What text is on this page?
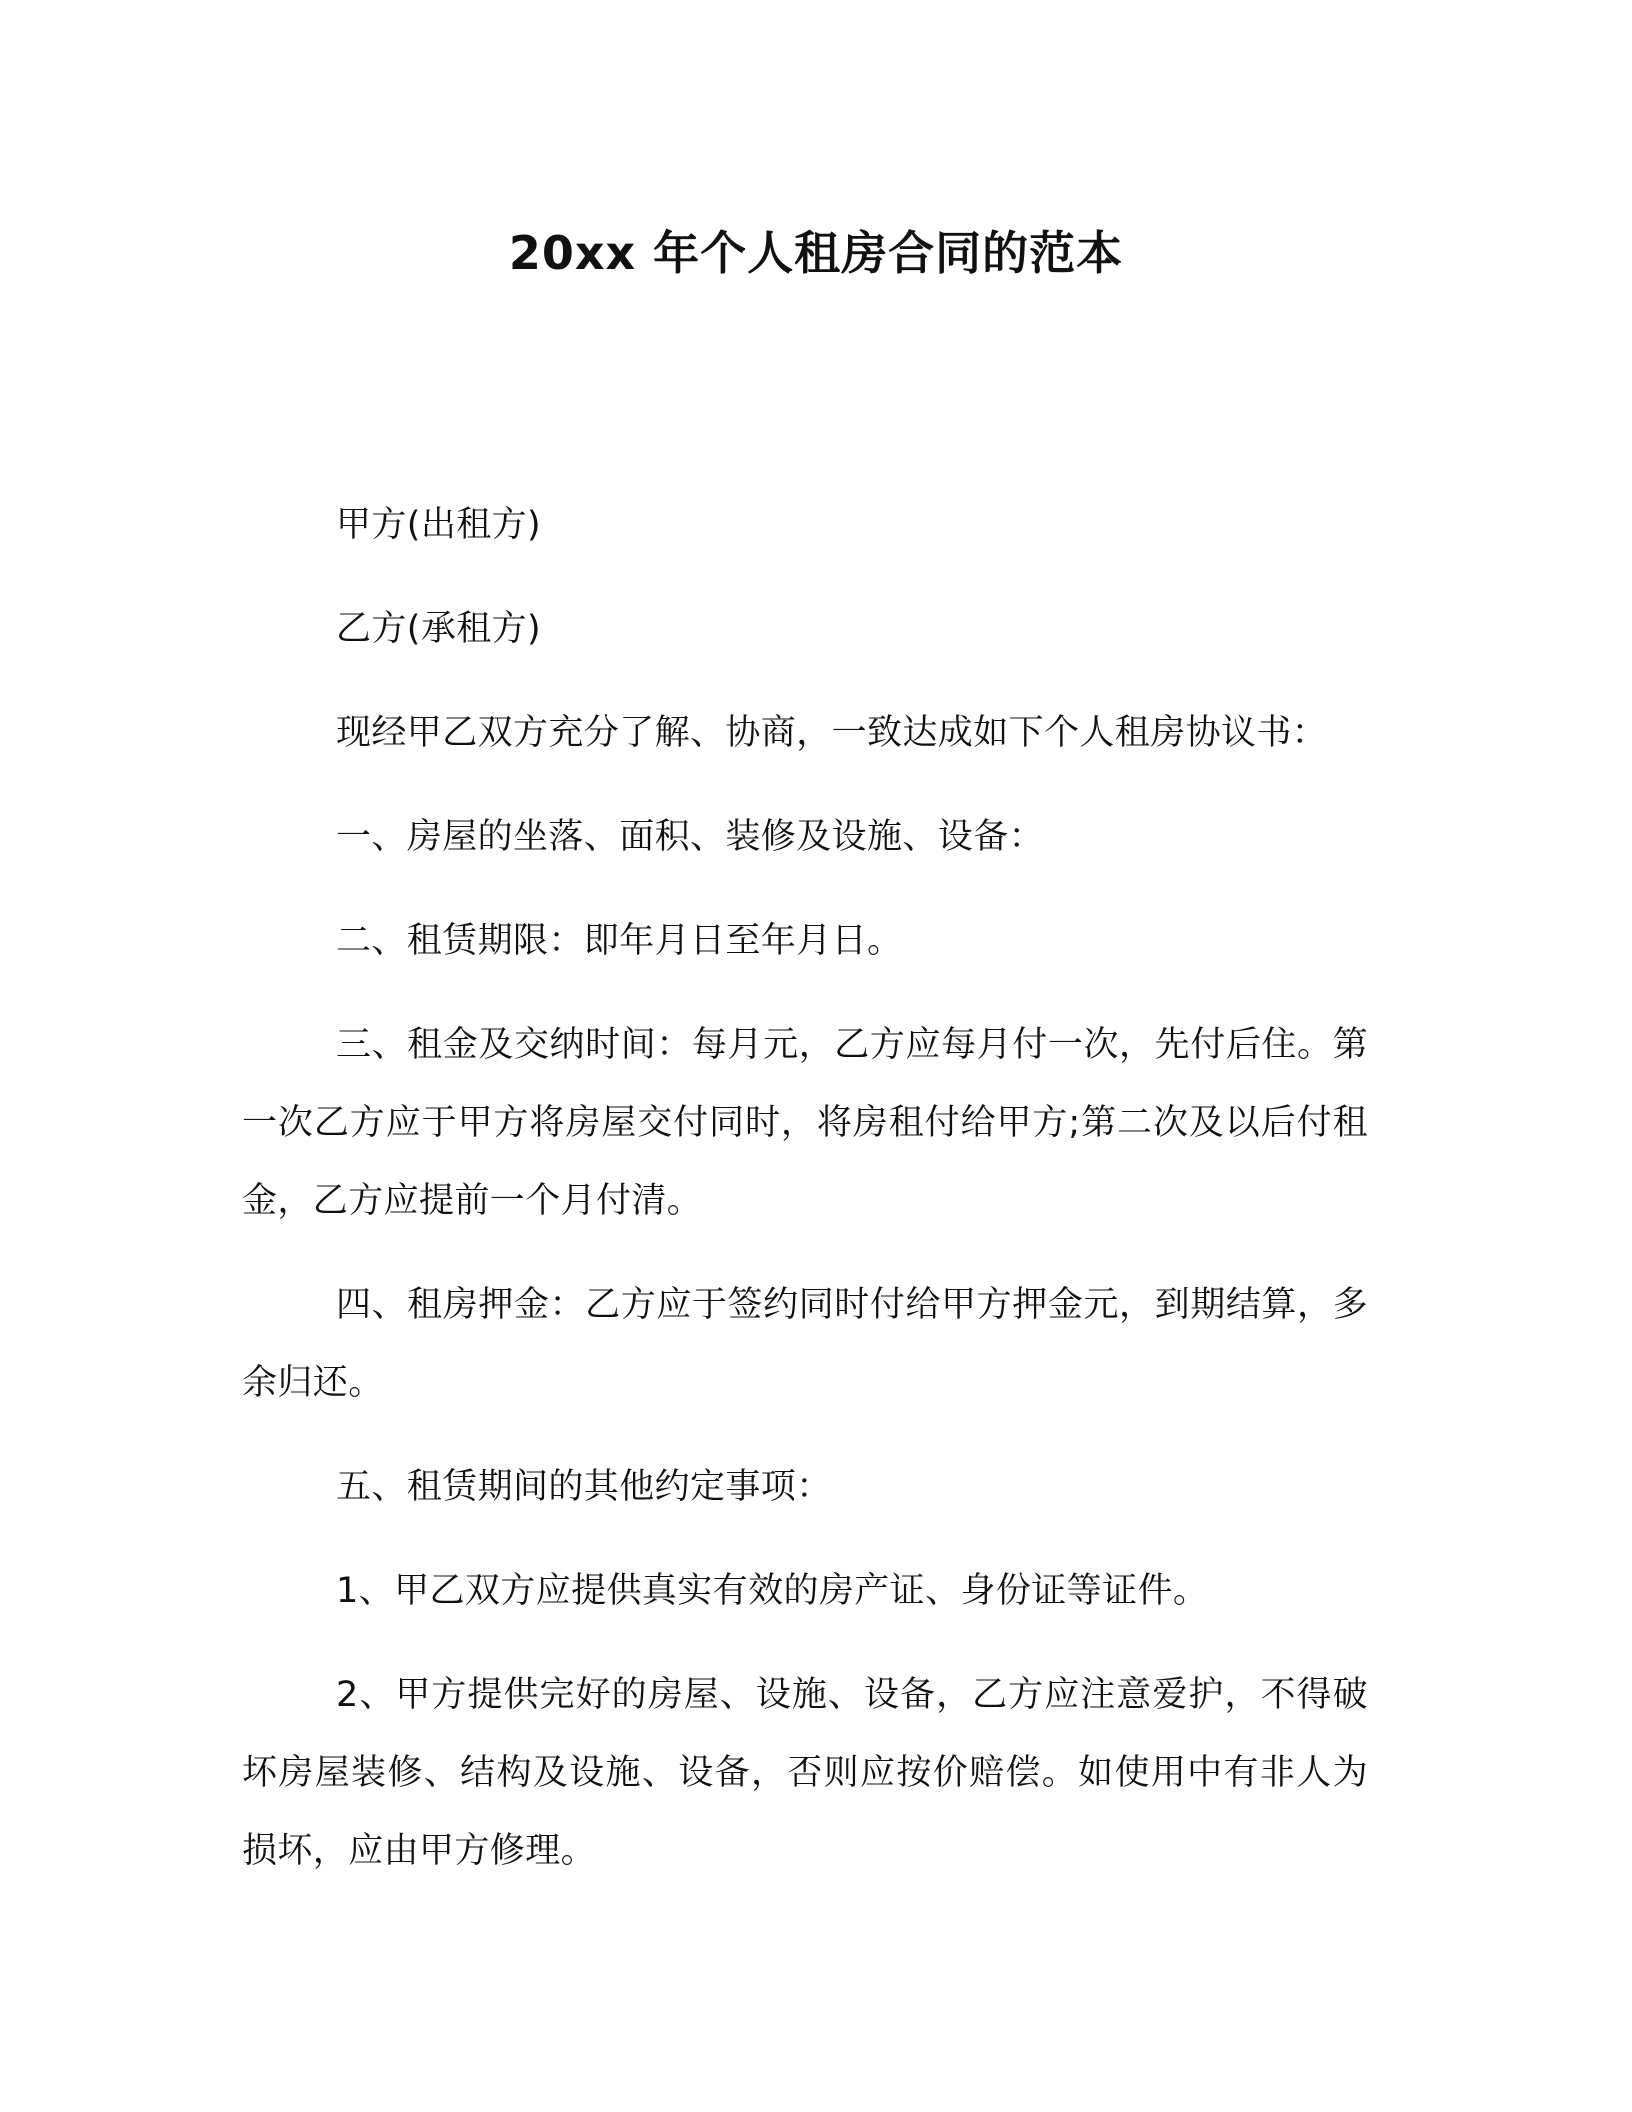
20xx 年个人租房合同的范本

甲方(出租方)

乙方(承租方)

现经甲乙双方充分了解、协商，一致达成如下个人租房协议书：

一、房屋的坐落、面积、装修及设施、设备：

二、租赁期限：即年月日至年月日。

三、租金及交纳时间：每月元，乙方应每月付一次，先付后住。第一次乙方应于甲方将房屋交付同时，将房租付给甲方;第二次及以后付租金，乙方应提前一个月付清。

四、租房押金：乙方应于签约同时付给甲方押金元，到期结算，多余归还。

五、租赁期间的其他约定事项：

1、甲乙双方应提供真实有效的房产证、身份证等证件。

2、甲方提供完好的房屋、设施、设备，乙方应注意爱护，不得破坏房屋装修、结构及设施、设备，否则应按价赔偿。如使用中有非人为损坏，应由甲方修理。
